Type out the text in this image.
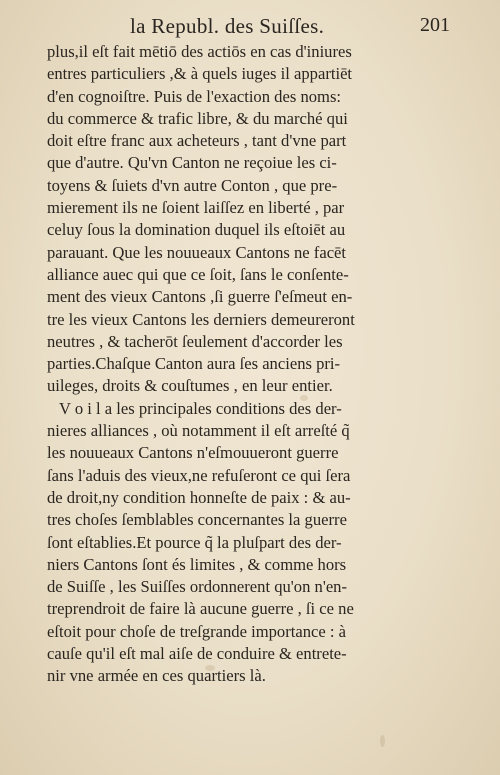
la Republ. des Suiſſes.	201
plus,il eſt fait mētiō des actiōs en cas d'iniures
entres particuliers ,& à quels iuges il appartiēt
d'en cognoiſtre. Puis de l'exaction des noms:
du commerce & trafic libre, & du marché qui
doit eſtre franc aux acheteurs , tant d'vne part
que d'autre. Qu'vn Canton ne reçoiue les ci-
toyens & ſuiets d'vn autre Conton , que pre-
mierement ils ne ſoient laiſſez en liberté , par
celuy ſous la domination duquel ils eſtoiēt au
parauant. Que les nouueaux Cantons ne facēt
alliance auec qui que ce ſoit, ſans le conſente-
ment des vieux Cantons ,ſi guerre ſ'eſmeut en-
tre les vieux Cantons les derniers demeureront
neutres , & tacherōt ſeulement d'accorder les
parties.Chaſque Canton aura ſes anciens pri-
uileges, droits & couſtumes , en leur entier.
V o i l a les principales conditions des der-
nieres alliances , où notamment il eſt arreſté q̃
les nouueaux Cantons n'eſmouueront guerre
ſans l'aduis des vieux,ne refuſeront ce qui ſera
de droit,ny condition honneſte de paix : & au-
tres choſes ſemblables concernantes la guerre
ſont eſtablies.Et pource q̃ la pluſpart des der-
niers Cantons ſont és limites , & comme hors
de Suiſſe , les Suiſſes ordonnerent qu'on n'en-
treprendroit de faire là aucune guerre , ſi ce ne
eſtoit pour choſe de treſgrande importance : à
cauſe qu'il eſt mal aiſe de conduire & entrete-
nir vne armée en ces quartiers là.
